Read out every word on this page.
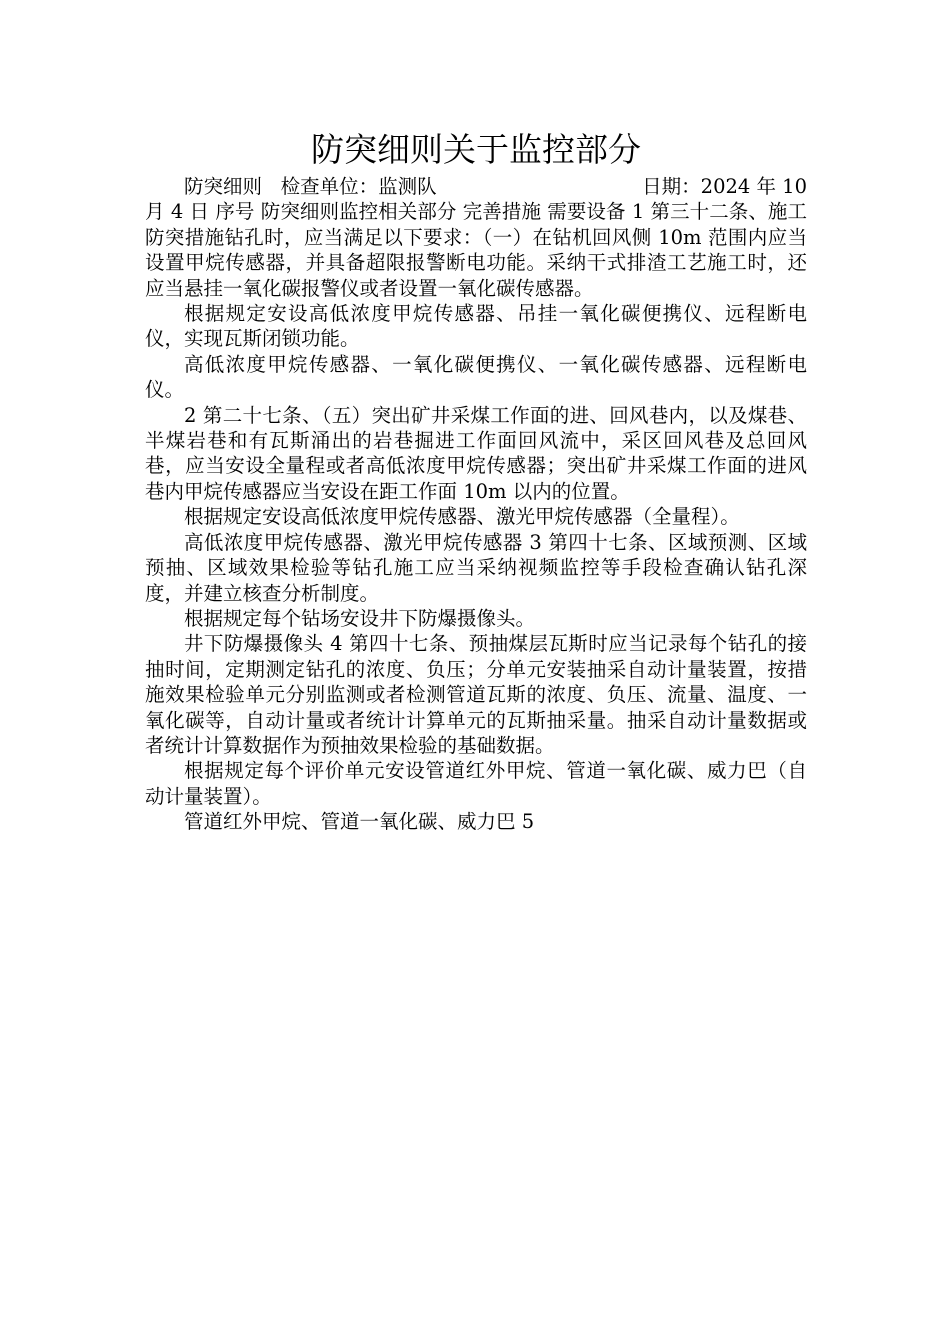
防突细则关于监控部分
防突细则   检查单位：监测队	日期：2024 年 10

月 4 日 序号 防突细则监控相关部分 完善措施 需要设备 1 第三十二条、施工防突措施钻孔时，应当满足以下要求：（一）在钻机回风侧 10m 范围内应当设置甲烷传感器，并具备超限报警断电功能。采纳干式排渣工艺施工时，还应当悬挂一氧化碳报警仪或者设置一氧化碳传感器。

根据规定安设高低浓度甲烷传感器、吊挂一氧化碳便携仪、远程断电仪，实现瓦斯闭锁功能。

高低浓度甲烷传感器、一氧化碳便携仪、一氧化碳传感器、远程断电仪。

2 第二十七条、（五）突出矿井采煤工作面的进、回风巷内，以及煤巷、半煤岩巷和有瓦斯涌出的岩巷掘进工作面回风流中，采区回风巷及总回风巷，应当安设全量程或者高低浓度甲烷传感器；突出矿井采煤工作面的进风巷内甲烷传感器应当安设在距工作面 10m 以内的位置。

根据规定安设高低浓度甲烷传感器、激光甲烷传感器（全量程）。

高低浓度甲烷传感器、激光甲烷传感器 3 第四十七条、区域预测、区域预抽、区域效果检验等钻孔施工应当采纳视频监控等手段检查确认钻孔深度，并建立核查分析制度。

根据规定每个钻场安设井下防爆摄像头。

井下防爆摄像头 4 第四十七条、预抽煤层瓦斯时应当记录每个钻孔的接抽时间，定期测定钻孔的浓度、负压；分单元安装抽采自动计量装置，按措施效果检验单元分别监测或者检测管道瓦斯的浓度、负压、流量、温度、一氧化碳等，自动计量或者统计计算单元的瓦斯抽采量。抽采自动计量数据或者统计计算数据作为预抽效果检验的基础数据。

根据规定每个评价单元安设管道红外甲烷、管道一氧化碳、威力巴（自动计量装置）。

管道红外甲烷、管道一氧化碳、威力巴 5
